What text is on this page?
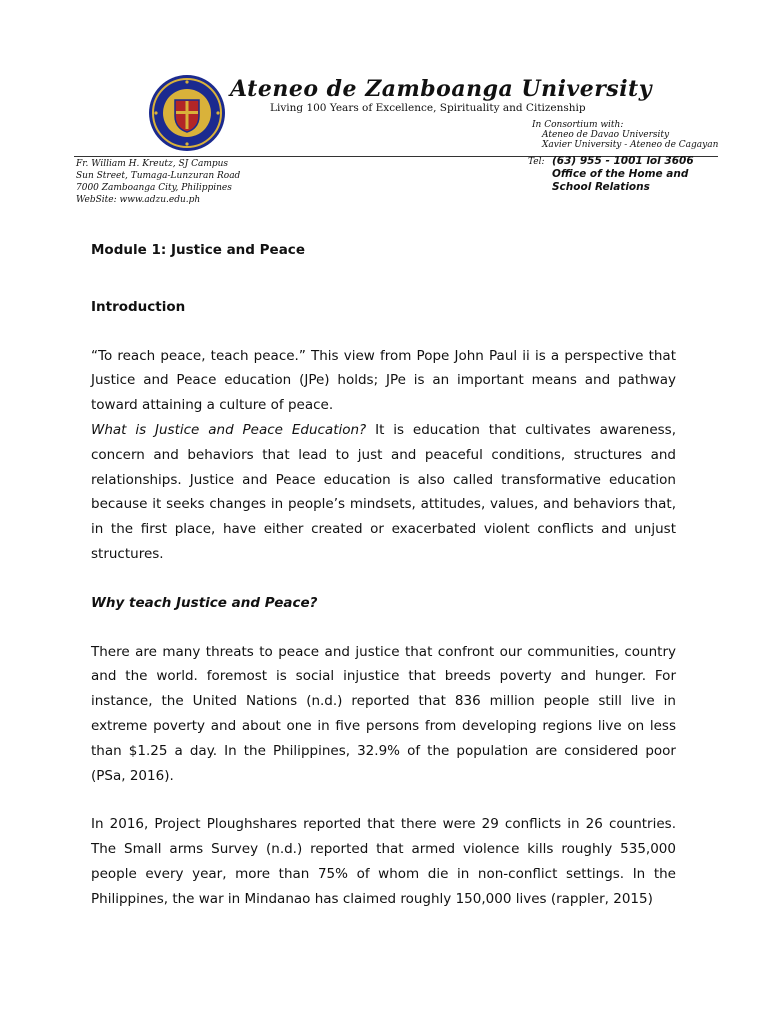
Ateneo de Zamboanga University
Living 100 Years of Excellence, Spirituality and Citizenship
In Consortium with:
Ateneo de Davao University
Xavier University - Ateneo de Cagayan
Fr. William H. Kreutz, SJ Campus
Sun Street, Tumaga-Lunzuran Road
7000 Zamboanga City, Philippines
WebSite: www.adzu.edu.ph
Tel: (63) 955 - 1001 lol 3606
Office of the Home and School Relations

Module 1: Justice and Peace

Introduction

“To reach peace, teach peace.” This view from Pope John Paul ii is a perspective that Justice and Peace education (JPe) holds; JPe is an important means and pathway toward attaining a culture of peace.

What is Justice and Peace Education? It is education that cultivates awareness, concern and behaviors that lead to just and peaceful conditions, structures and relationships. Justice and Peace education is also called transformative education because it seeks changes in people’s mindsets, attitudes, values, and behaviors that, in the first place, have either created or exacerbated violent conflicts and unjust structures.

Why teach Justice and Peace?

There are many threats to peace and justice that confront our communities, country and the world. foremost is social injustice that breeds poverty and hunger. For instance, the United Nations (n.d.) reported that 836 million people still live in extreme poverty and about one in five persons from developing regions live on less than $1.25 a day. In the Philippines, 32.9% of the population are considered poor (PSa, 2016).

In 2016, Project Ploughshares reported that there were 29 conflicts in 26 countries. The Small arms Survey (n.d.) reported that armed violence kills roughly 535,000 people every year, more than 75% of whom die in non-conflict settings. In the Philippines, the war in Mindanao has claimed roughly 150,000 lives (rappler, 2015)
